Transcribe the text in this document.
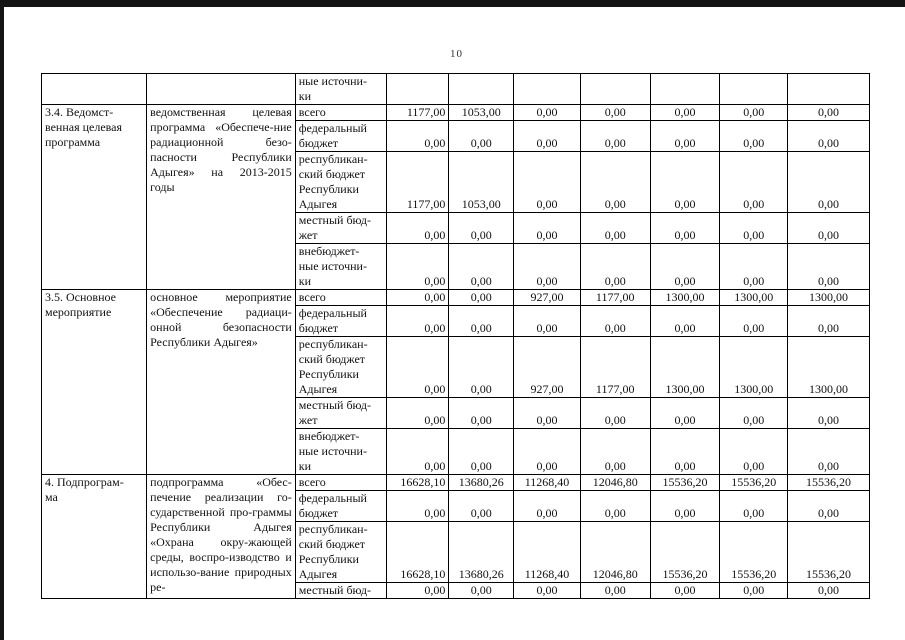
10
		ные источни-
ки							
3.4. Ведомст-
венная целевая
программа	ведомственная целевая программа «Обеспече-ние радиационной безо-пасности Республики Адыгея» на 2013-2015 годы	всего	1177,00	1053,00	0,00	0,00	0,00	0,00	0,00
		федеральный
бюджет	0,00	0,00	0,00	0,00	0,00	0,00	0,00
		республикан-
ский бюджет
Республики
Адыгея	1177,00	1053,00	0,00	0,00	0,00	0,00	0,00
		местный бюд-
жет	0,00	0,00	0,00	0,00	0,00	0,00	0,00
		внебюджет-
ные источни-
ки	0,00	0,00	0,00	0,00	0,00	0,00	0,00
3.5. Основное
мероприятие	основное мероприятие «Обеспечение радиаци-онной безопасности Республики Адыгея»	всего	0,00	0,00	927,00	1177,00	1300,00	1300,00	1300,00
		федеральный
бюджет	0,00	0,00	0,00	0,00	0,00	0,00	0,00
		республикан-
ский бюджет
Республики
Адыгея	0,00	0,00	927,00	1177,00	1300,00	1300,00	1300,00
		местный бюд-
жет	0,00	0,00	0,00	0,00	0,00	0,00	0,00
		внебюджет-
ные источни-
ки	0,00	0,00	0,00	0,00	0,00	0,00	0,00
4. Подпрограм-
ма	подпрограмма «Обес-печение реализации го-сударственной про-граммы Республики Адыгея «Охрана окру-жающей среды, воспро-изводство и использо-вание природных ре-	всего	16628,10	13680,26	11268,40	12046,80	15536,20	15536,20	15536,20
		федеральный
бюджет	0,00	0,00	0,00	0,00	0,00	0,00	0,00
		республикан-
ский бюджет
Республики
Адыгея	16628,10	13680,26	11268,40	12046,80	15536,20	15536,20	15536,20
		местный бюд-	0,00	0,00	0,00	0,00	0,00	0,00	0,00
